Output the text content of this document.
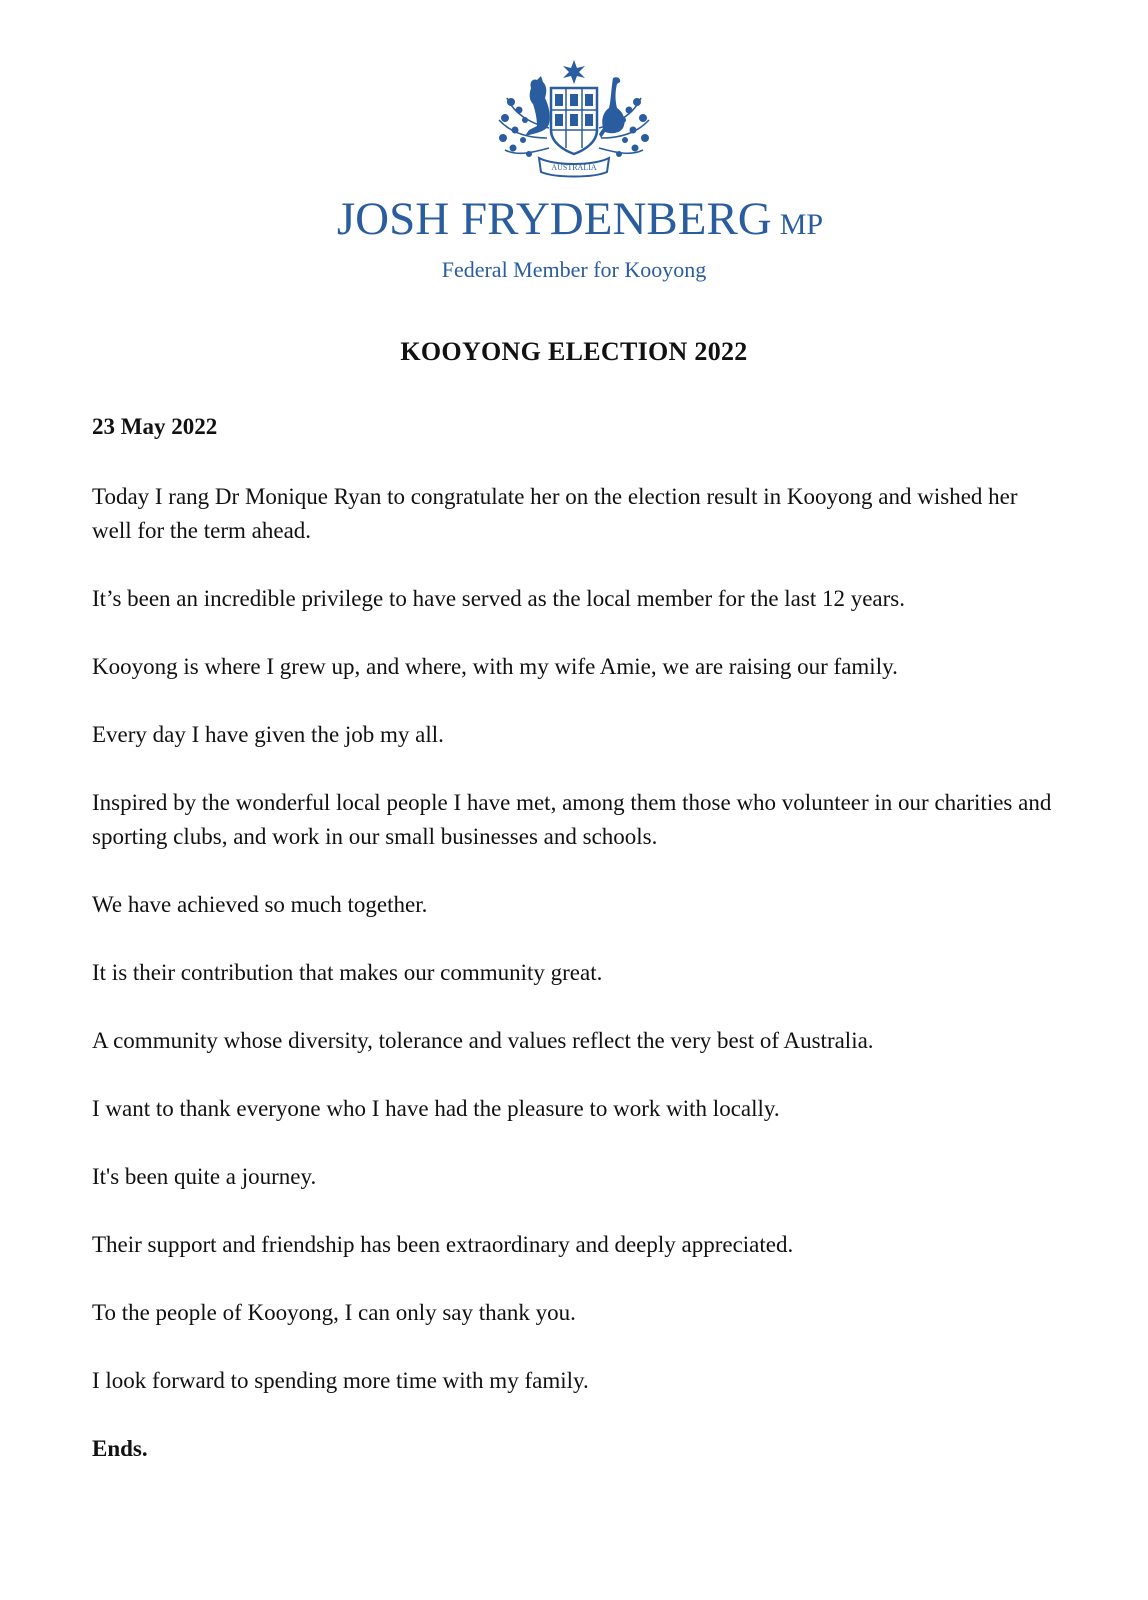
AUSTRALIA
JOSH FRYDENBERG MP
Federal Member for Kooyong
KOOYONG ELECTION 2022
23 May 2022

Today I rang Dr Monique Ryan to congratulate her on the election result in Kooyong and wished her well for the term ahead.

It’s been an incredible privilege to have served as the local member for the last 12 years.

Kooyong is where I grew up, and where, with my wife Amie, we are raising our family.

Every day I have given the job my all.

Inspired by the wonderful local people I have met, among them those who volunteer in our charities and sporting clubs, and work in our small businesses and schools.

We have achieved so much together.

It is their contribution that makes our community great.

A community whose diversity, tolerance and values reflect the very best of Australia.

I want to thank everyone who I have had the pleasure to work with locally.

It's been quite a journey.

Their support and friendship has been extraordinary and deeply appreciated.

To the people of Kooyong, I can only say thank you.

I look forward to spending more time with my family.

Ends.
